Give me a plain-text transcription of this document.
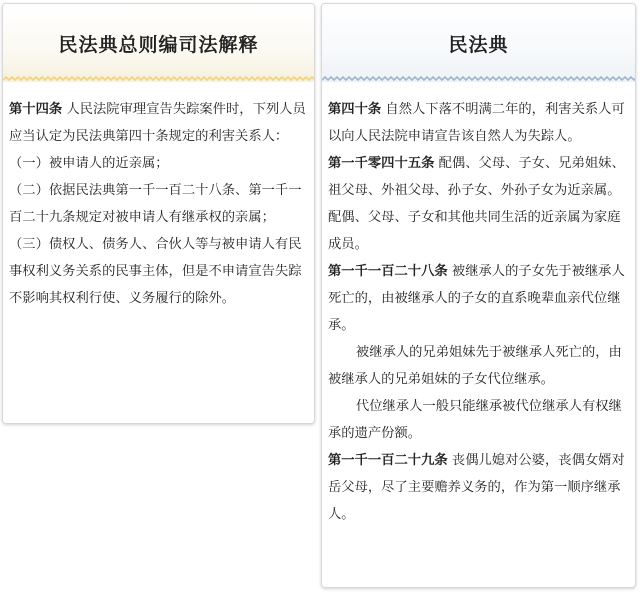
民法典总则编司法解释

第十四条 人民法院审理宣告失踪案件时，下列人员应当认定为民法典第四十条规定的利害关系人：

（一）被申请人的近亲属；

（二）依据民法典第一千一百二十八条、第一千一百二十九条规定对被申请人有继承权的亲属；

（三）债权人、债务人、合伙人等与被申请人有民事权利义务关系的民事主体，但是不申请宣告失踪不影响其权利行使、义务履行的除外。

民法典

第四十条 自然人下落不明满二年的，利害关系人可以向人民法院申请宣告该自然人为失踪人。

第一千零四十五条 配偶、父母、子女、兄弟姐妹、祖父母、外祖父母、孙子女、外孙子女为近亲属。配偶、父母、子女和其他共同生活的近亲属为家庭成员。

第一千一百二十八条 被继承人的子女先于被继承人死亡的，由被继承人的子女的直系晚辈血亲代位继承。

被继承人的兄弟姐妹先于被继承人死亡的，由被继承人的兄弟姐妹的子女代位继承。

代位继承人一般只能继承被代位继承人有权继承的遗产份额。

第一千一百二十九条 丧偶儿媳对公婆，丧偶女婿对岳父母，尽了主要赡养义务的，作为第一顺序继承人。
